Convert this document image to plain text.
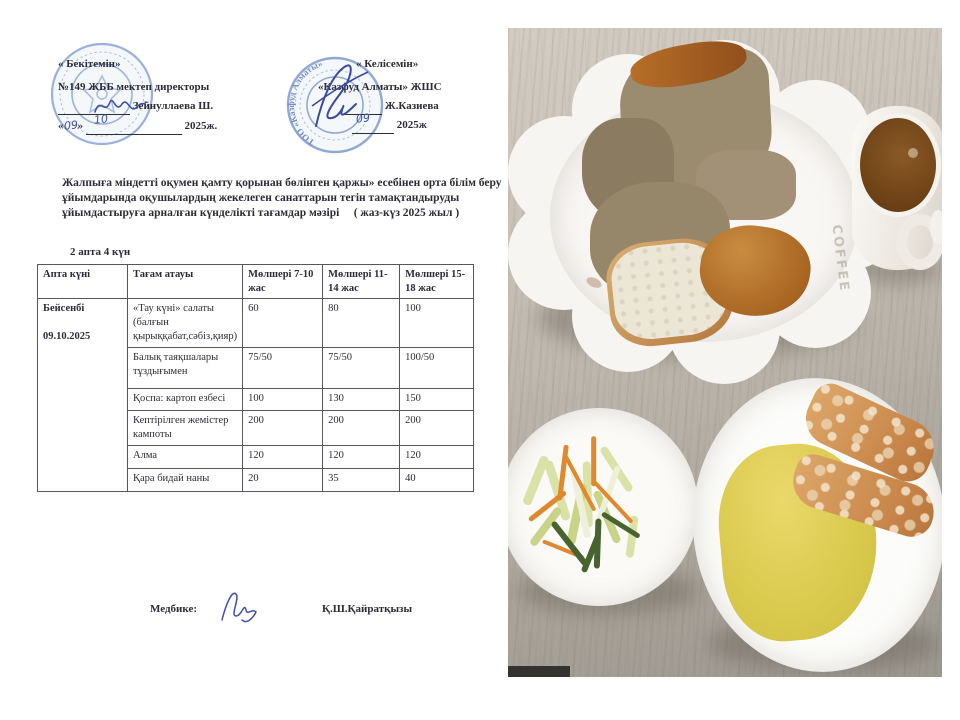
ТОО «Казфуд Алматы»
« Бекітемін»
№149 ЖББ мектеп директоры
Зейнуллаева Ш.
«09» 10	2025ж.
« Келісемін»
«Казфуд Алматы» ЖШС
Ж.Казиева
09 2025ж
Жалпыға міндетті оқумен қамту қорынан бөлінген қаржы» есебінен орта білім беру
ұйымдарында оқушылардың жекелеген санаттарын тегін тамақтандыруды
ұйымдастыруға арналған күнделікті тағамдар мәзірі     ( жаз-күз 2025 жыл )
2 апта 4 күн
Апта күні	Тағам атауы	Мөлшері 7-10 жас	Мөлшері 11-14 жас	Мөлшері 15-18 жас

Бейсенбі
09.10.2025	«Тау күні» салаты (балғын қырыққабат,сәбіз,қияр)	60	80	100
	Балық таяқшалары тұздығымен	75/50	75/50	100/50
	Қоспа: картоп езбесі	100	130	150
	Кептірілген жемістер кампоты	200	200	200
	Алма	120	120	120
	Қара бидай наны	20	35	40
Медбике:	Қ.Ш.Қайратқызы
COFFEE
